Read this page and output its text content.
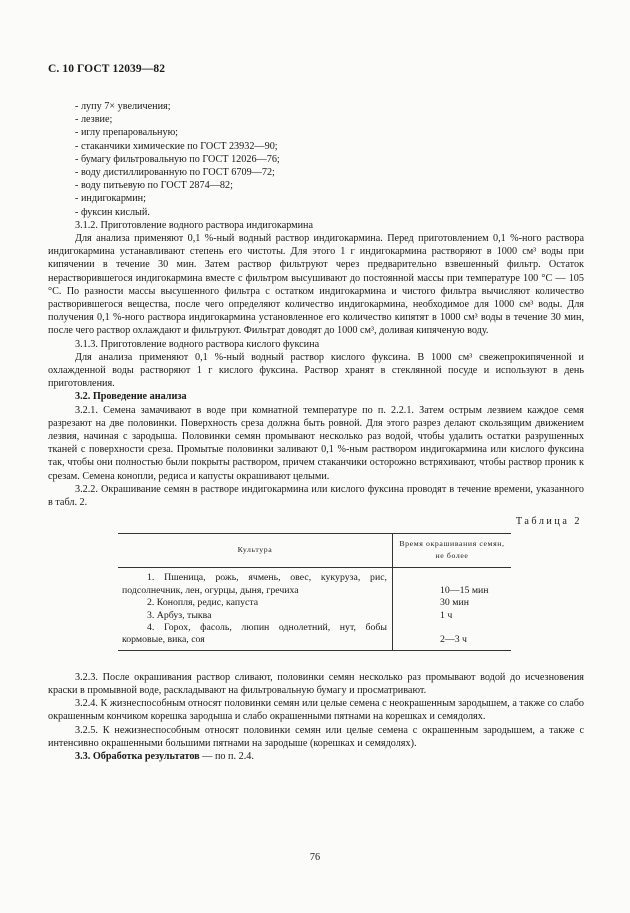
С. 10 ГОСТ 12039—82
- лупу 7× увеличения;
- лезвие;
- иглу препаровальную;
- стаканчики химические по ГОСТ 23932—90;
- бумагу фильтровальную по ГОСТ 12026—76;
- воду дистиллированную по ГОСТ 6709—72;
- воду питьевую по ГОСТ 2874—82;
- индигокармин;
- фуксин кислый.

3.1.2. Приготовление водного раствора индигокармина

Для анализа применяют 0,1 %-ный водный раствор индигокармина. Перед приготовлением 0,1 %-ного раствора индигокармина устанавливают степень его чистоты. Для этого 1 г индигокармина растворяют в 1000 см³ воды при кипячении в течение 30 мин. Затем раствор фильтруют через предварительно взвешенный фильтр. Остаток нерастворившегося индигокармина вместе с фильтром высушивают до постоянной массы при температуре 100 °С — 105 °С. По разности массы высушенного фильтра с остатком индигокармина и чистого фильтра вычисляют количество растворившегося вещества, после чего определяют количество индигокармина, необходимое для 1000 см³ воды. Для получения 0,1 %-ного раствора индигокармина установленное его количество кипятят в 1000 см³ воды в течение 30 мин, после чего раствор охлаждают и фильтруют. Фильтрат доводят до 1000 см³, доливая кипяченую воду.

3.1.3. Приготовление водного раствора кислого фуксина

Для анализа применяют 0,1 %-ный водный раствор кислого фуксина. В 1000 см³ свежепрокипяченной и охлажденной воды растворяют 1 г кислого фуксина. Раствор хранят в стеклянной посуде и используют в день приготовления.

3.2. Проведение анализа

3.2.1. Семена замачивают в воде при комнатной температуре по п. 2.2.1. Затем острым лезвием каждое семя разрезают на две половинки. Поверхность среза должна быть ровной. Для этого разрез делают скользящим движением лезвия, начиная с зародыша. Половинки семян промывают несколько раз водой, чтобы удалить остатки разрушенных тканей с поверхности среза. Промытые половинки заливают 0,1 %-ным раствором индигокармина или кислого фуксина так, чтобы они полностью были покрыты раствором, причем стаканчики осторожно встряхивают, чтобы раствор проник к срезам. Семена конопли, редиса и капусты окрашивают целыми.

3.2.2. Окрашивание семян в растворе индигокармина или кислого фуксина проводят в течение времени, указанного в табл. 2.

Таблица 2
Культура	Время окрашивания семян, не более
1. Пшеница, рожь, ячмень, овес, кукуруза, рис, подсолнечник, лен, огурцы, дыня, гречиха	10—15 мин
2. Конопля, редис, капуста	30 мин
3. Арбуз, тыква	1 ч
4. Горох, фасоль, люпин однолетний, нут, бобы кормовые, вика, соя	2—3 ч

3.2.3. После окрашивания раствор сливают, половинки семян несколько раз промывают водой до исчезновения краски в промывной воде, раскладывают на фильтровальную бумагу и просматривают.

3.2.4. К жизнеспособным относят половинки семян или целые семена с неокрашенным зародышем, а также со слабо окрашенным кончиком корешка зародыша и слабо окрашенными пятнами на корешках и семядолях.

3.2.5. К нежизнеспособным относят половинки семян или целые семена с окрашенным зародышем, а также с интенсивно окрашенными большими пятнами на зародыше (корешках и семядолях).

3.3. Обработка результатов — по п. 2.4.

76
